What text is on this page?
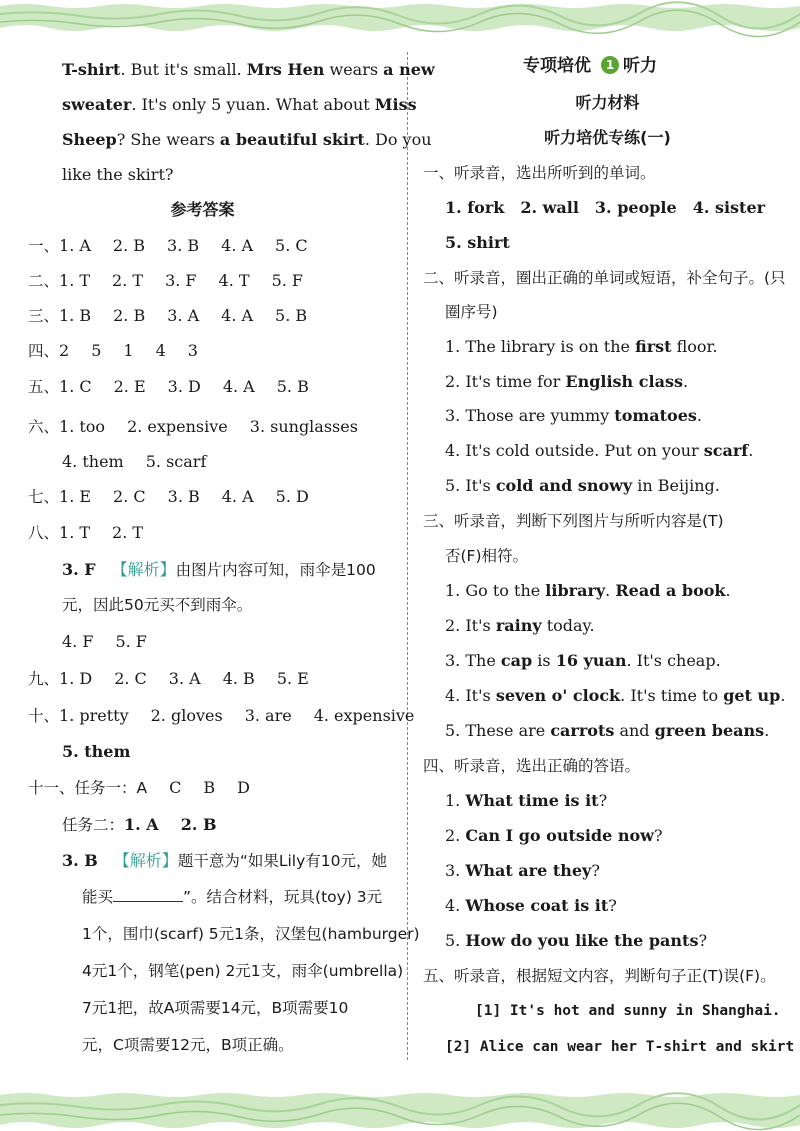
T-shirt. But it's small. Mrs Hen wears a new
sweater. It's only 5 yuan. What about Miss
Sheep? She wears a beautiful skirt. Do you
like the skirt?
参考答案
一、1. A 2. B 3. B 4. A 5. C
二、1. T 2. T 3. F 4. T 5. F
三、1. B 2. B 3. A 4. A 5. B
四、2 5 1 4 3
五、1. C 2. E 3. D 4. A 5. B
六、1. too 2. expensive 3. sunglasses
4. them 5. scarf
七、1. E 2. C 3. B 4. A 5. D
八、1. T 2. T
3. F 【解析】由图片内容可知，雨伞是100
元，因此50元买不到雨伞。
4. F 5. F
九、1. D 2. C 3. A 4. B 5. E
十、1. pretty 2. gloves 3. are 4. expensive
5. them
十一、任务一：A C B D
任务二：1. A 2. B
3. B 【解析】题干意为“如果Lily有10元，她
能买	”。结合材料，玩具(toy) 3元
1个，围巾(scarf) 5元1条，汉堡包(hamburger)
4元1个，钢笔(pen) 2元1支，雨伞(umbrella)
7元1把，故A项需要14元，B项需要10
元，C项需要12元，B项正确。
专项培优 1 听力
听力材料
听力培优专练(一)
一、听录音，选出所听到的单词。
1. fork 2. wall 3. people 4. sister
5. shirt
二、听录音，圈出正确的单词或短语，补全句子。(只
圈序号)
1. The library is on the first floor.
2. It's time for English class.
3. Those are yummy tomatoes.
4. It's cold outside. Put on your scarf.
5. It's cold and snowy in Beijing.
三、听录音，判断下列图片与所听内容是(T)
否(F)相符。
1. Go to the library. Read a book.
2. It's rainy today.
3. The cap is 16 yuan. It's cheap.
4. It's seven o' clock. It's time to get up.
5. These are carrots and green beans.
四、听录音，选出正确的答语。
1. What time is it?
2. Can I go outside now?
3. What are they?
4. Whose coat is it?
5. How do you like the pants?
五、听录音，根据短文内容，判断句子正(T)误(F)。
[1] It's hot and sunny in Shanghai.
[2] Alice can wear her T-shirt and skirt
